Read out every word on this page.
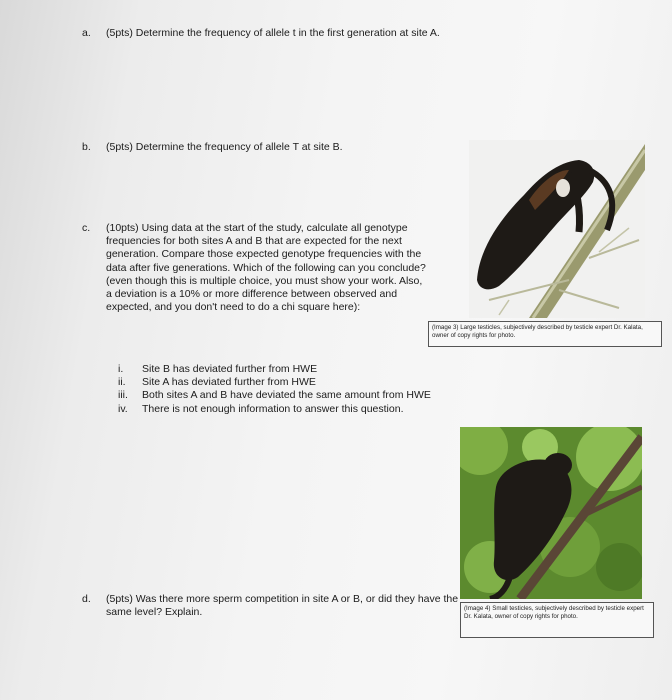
a. (5pts) Determine the frequency of allele t in the first generation at site A.
b. (5pts) Determine the frequency of allele T at site B.
c. (10pts) Using data at the start of the study, calculate all genotype frequencies for both sites A and B that are expected for the next generation. Compare those expected genotype frequencies with the data after five generations. Which of the following can you conclude? (even though this is multiple choice, you must show your work. Also, a deviation is a 10% or more difference between observed and expected, and you don't need to do a chi square here):
i.	Site B has deviated further from HWE
ii.	Site A has deviated further from HWE
iii.	Both sites A and B have deviated the same amount from HWE
iv.	There is not enough information to answer this question.
d. (5pts) Was there more sperm competition in site A or B, or did they have the same level? Explain.
(Image 3) Large testicles, subjectively described by testicle expert Dr. Kalata, owner of copy rights for photo.
(Image 4) Small testicles, subjectively described by testicle expert Dr. Kalata, owner of copy rights for photo.
